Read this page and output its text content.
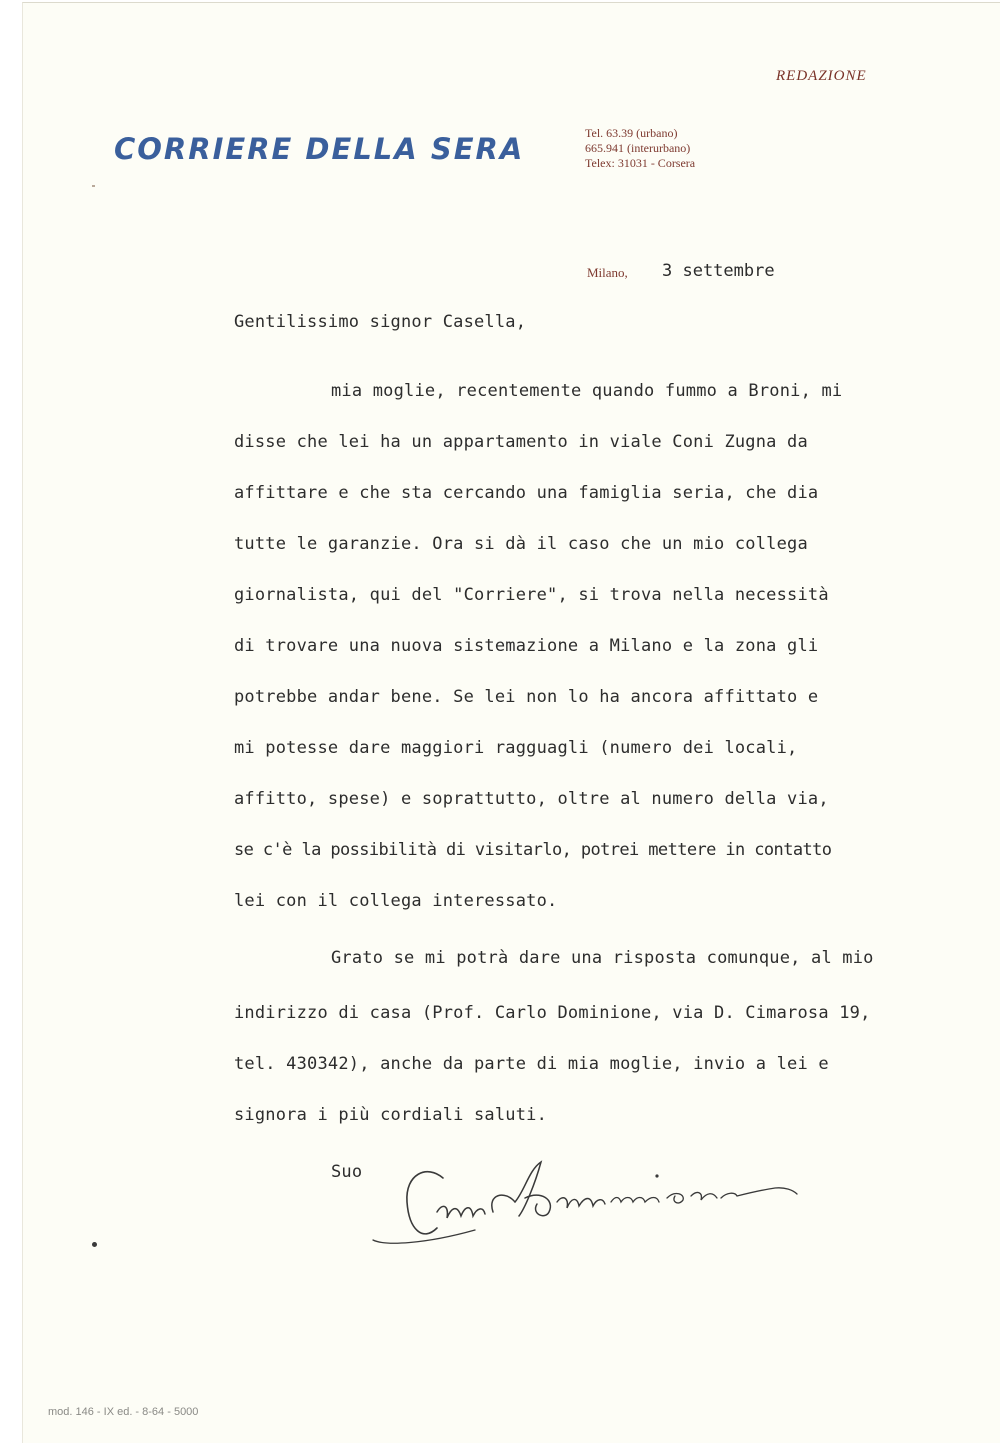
REDAZIONE
CORRIERE DELLA SERA	Tel. 63.39 (urbano)
665.941 (interurbano)
Telex: 31031 - Corsera
Milano, 3 settembre
Gentilissimo signor Casella,
mia moglie, recentemente quando fummo a Broni, mi
disse che lei ha un appartamento in viale Coni Zugna da
affittare e che sta cercando una famiglia seria, che dia
tutte le garanzie. Ora si dà il caso che un mio collega
giornalista, qui del "Corriere", si trova nella necessità
di trovare una nuova sistemazione a Milano e la zona gli
potrebbe andar bene. Se lei non lo ha ancora affittato e
mi potesse dare maggiori ragguagli (numero dei locali,
affitto, spese) e soprattutto, oltre al numero della via,
se c'è la possibilità di visitarlo, potrei mettere in contatto
lei con il collega interessato.
Grato se mi potrà dare una risposta comunque, al mio
indirizzo di casa (Prof. Carlo Dominione, via D. Cimarosa 19,
tel. 430342), anche da parte di mia moglie, invio a lei e
signora i più cordiali saluti.
Suo
mod. 146 - IX ed. - 8-64 - 5000
